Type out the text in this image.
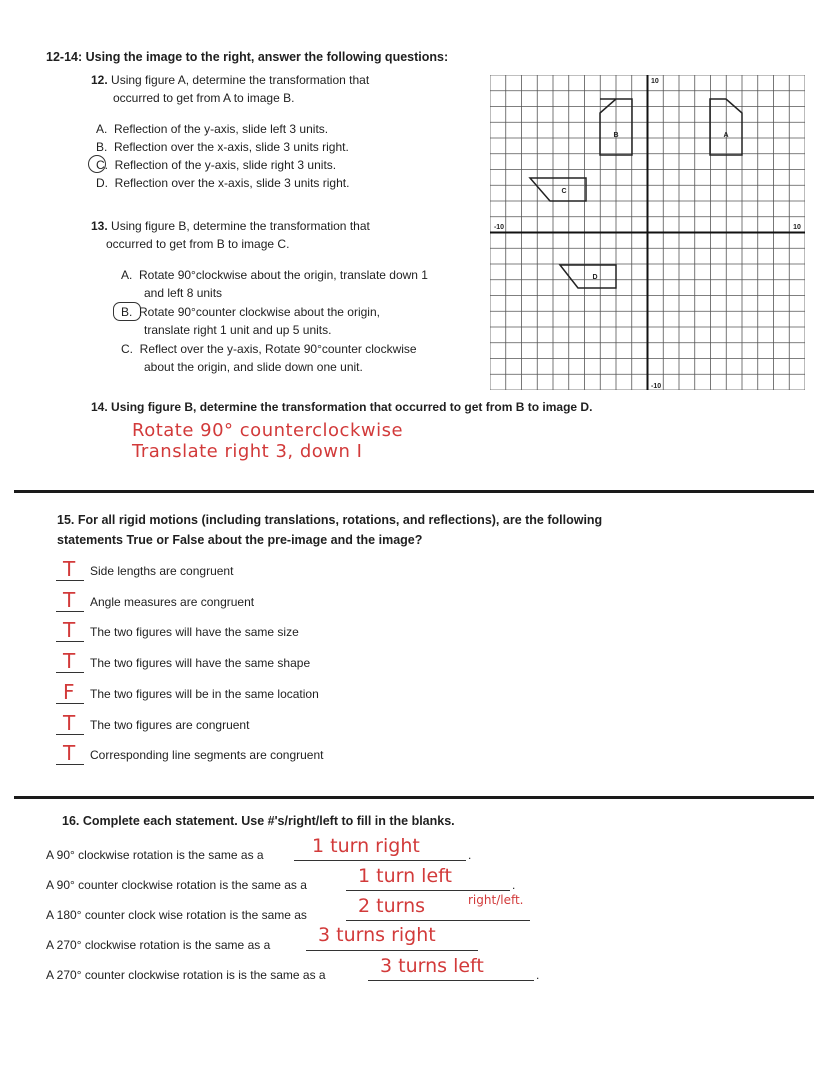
12-14: Using the image to the right, answer the following questions:
12. Using figure A, determine the transformation that
occurred to get from A to image B.
A. Reflection of the y-axis, slide left 3 units.
B. Reflection over the x-axis, slide 3 units right.
C. Reflection of the y-axis, slide right 3 units.
D. Reflection over the x-axis, slide 3 units right.
13. Using figure B, determine the transformation that
occurred to get from B to image C.
A. Rotate 90°clockwise about the origin, translate down 1
and left 8 units
B. Rotate 90°counter clockwise about the origin,
translate right 1 unit and up 5 units.
C. Reflect over the y-axis, Rotate 90°counter clockwise
about the origin, and slide down one unit.
14. Using figure B, determine the transformation that occurred to get from B to image D.
Rotate 90° counterclockwise
Translate right 3, down I
A
B
C
D
10
-10
10
-10
15. For all rigid motions (including translations, rotations, and reflections), are the following
statements True or False about the pre-image and the image?
T Side lengths are congruent
T Angle measures are congruent
T The two figures will have the same size
T The two figures will have the same shape
F The two figures will be in the same location
T The two figures are congruent
T Corresponding line segments are congruent
16. Complete each statement. Use #'s/right/left to fill in the blanks.
A 90° clockwise rotation is the same as a	1 turn right	.
A 90° counter clockwise rotation is the same as a	1 turn left	.
A 180° counter clock wise rotation is the same as	2 turns	right/left.
A 270° clockwise rotation is the same as a	3 turns right
A 270° counter clockwise rotation is is the same as a	3 turns left	.
